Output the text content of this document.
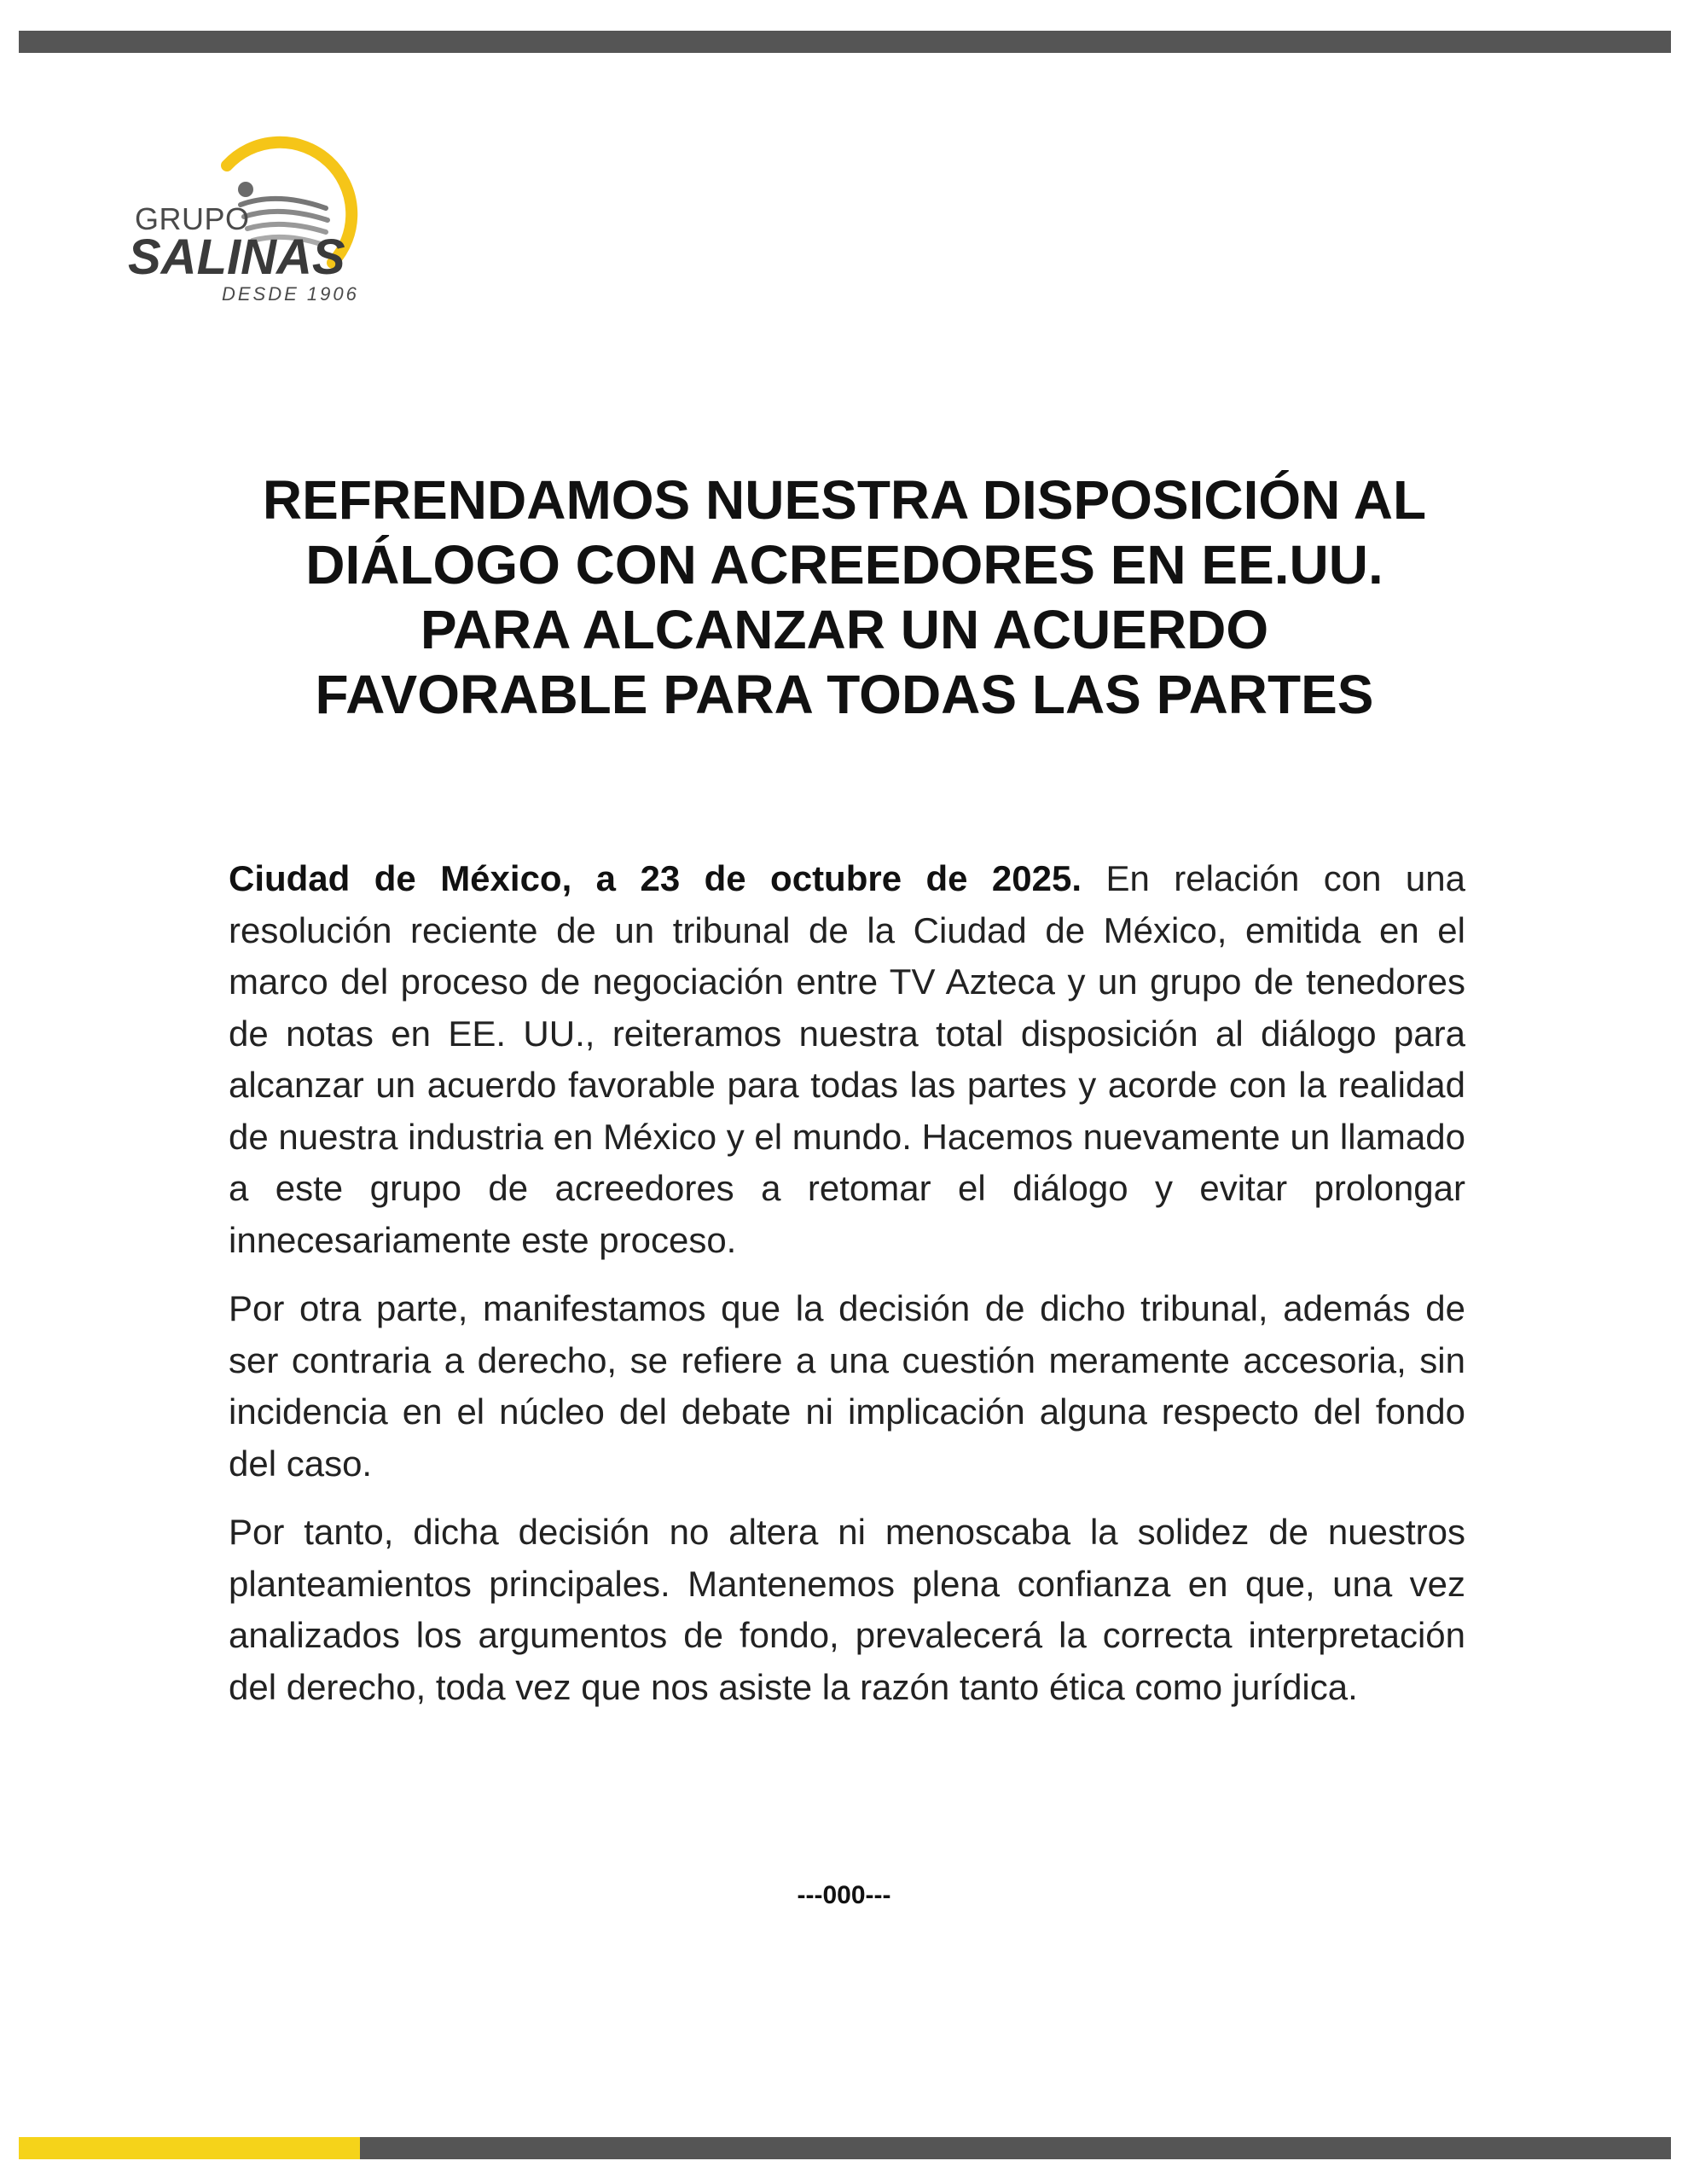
GRUPO
SALINAS
DESDE 1906
REFRENDAMOS NUESTRA DISPOSICIÓN AL
DIÁLOGO CON ACREEDORES EN EE.UU.
PARA ALCANZAR UN ACUERDO
FAVORABLE PARA TODAS LAS PARTES

Ciudad de México, a 23 de octubre de 2025. En relación con una resolución reciente de un tribunal de la Ciudad de México, emitida en el marco del proceso de negociación entre TV Azteca y un grupo de tenedores de notas en EE. UU., reiteramos nuestra total disposición al diálogo para alcanzar un acuerdo favorable para todas las partes y acorde con la realidad de nuestra industria en México y el mundo. Hacemos nuevamente un llamado a este grupo de acreedores a retomar el diálogo y evitar prolongar innecesariamente este proceso.

Por otra parte, manifestamos que la decisión de dicho tribunal, además de ser contraria a derecho, se refiere a una cuestión meramente accesoria, sin incidencia en el núcleo del debate ni implicación alguna respecto del fondo del caso.

Por tanto, dicha decisión no altera ni menoscaba la solidez de nuestros planteamientos principales. Mantenemos plena confianza en que, una vez analizados los argumentos de fondo, prevalecerá la correcta interpretación del derecho, toda vez que nos asiste la razón tanto ética como jurídica.

---000---
